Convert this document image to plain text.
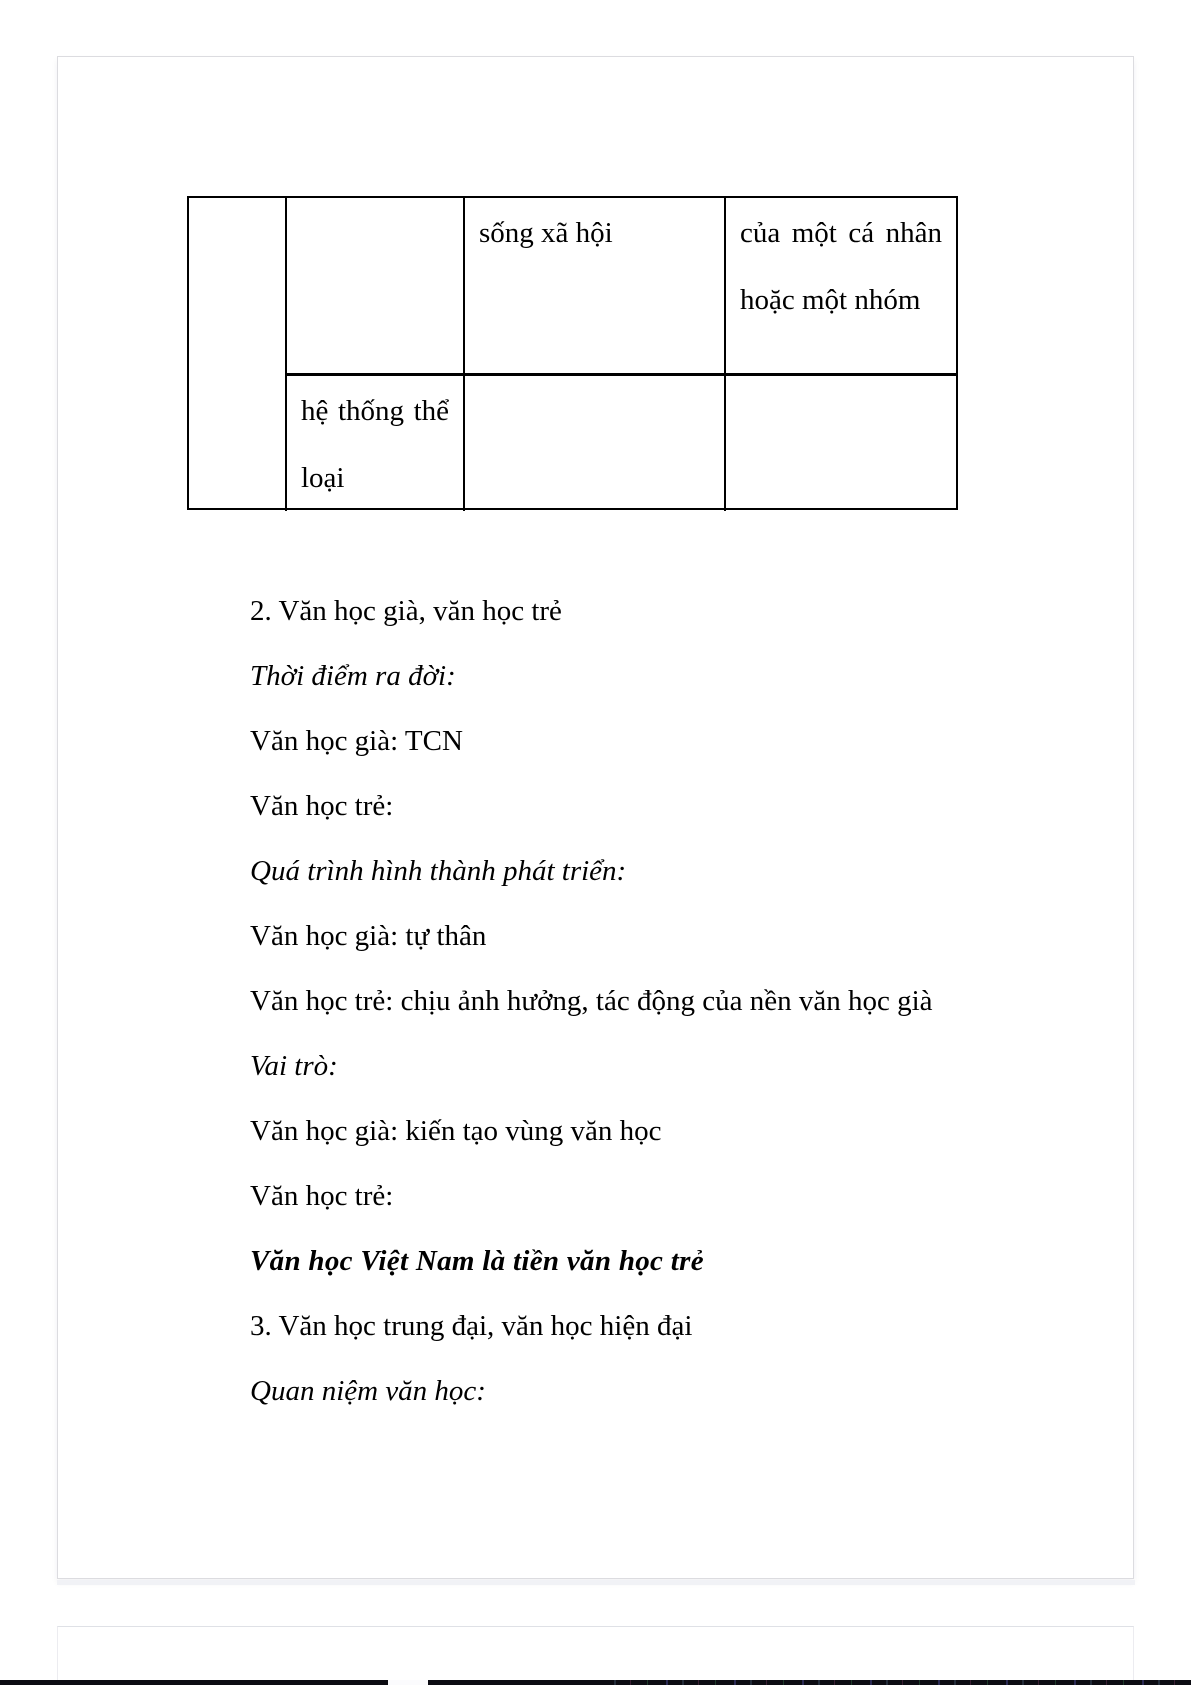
sống xã hội	của một cá nhân
hoặc một nhóm
hệ thống thể
loại

2. Văn học già, văn học trẻ

Thời điểm ra đời:

Văn học già: TCN

Văn học trẻ:

Quá trình hình thành phát triển:

Văn học già: tự thân

Văn học trẻ: chịu ảnh hưởng, tác động của nền văn học già

Vai trò:

Văn học già: kiến tạo vùng văn học

Văn học trẻ:

Văn học Việt Nam là tiền văn học trẻ

3. Văn học trung đại, văn học hiện đại

Quan niệm văn học:
